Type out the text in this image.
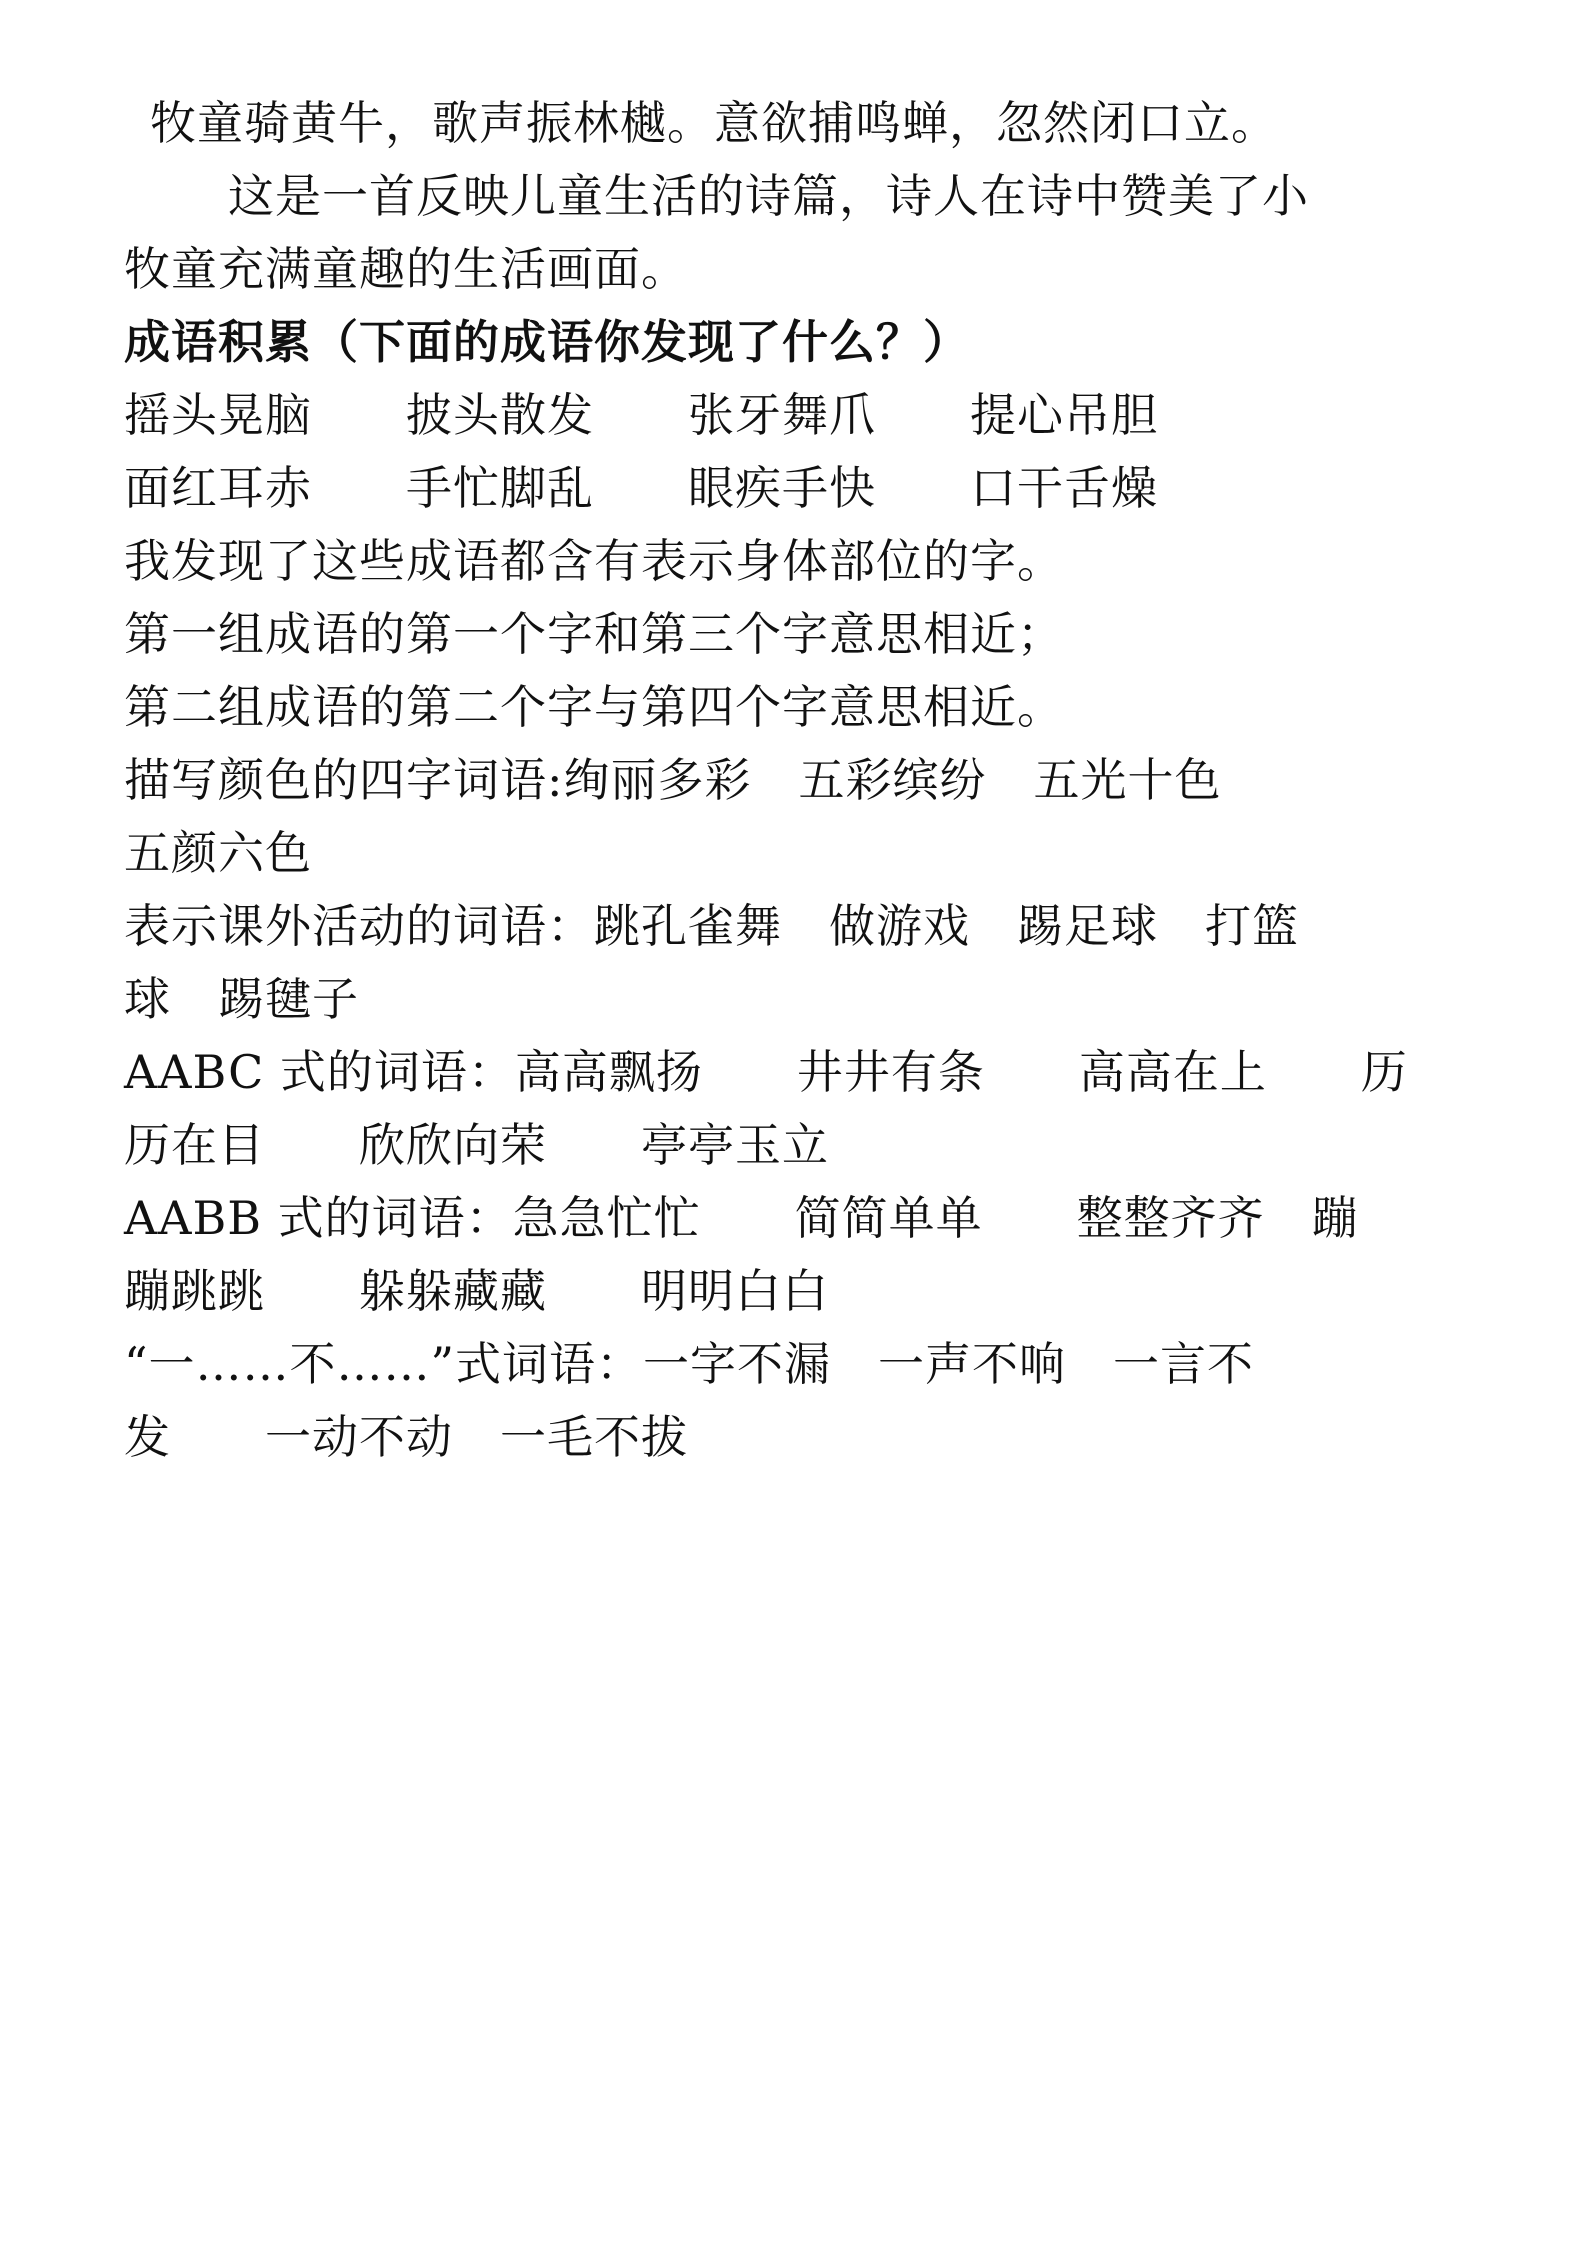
牧童骑黄牛，歌声振林樾。意欲捕鸣蝉，忽然闭口立。
这是一首反映儿童生活的诗篇，诗人在诗中赞美了小
牧童充满童趣的生活画面。
成语积累（下面的成语你发现了什么？）
摇头晃脑　　披头散发　　张牙舞爪　　提心吊胆
面红耳赤　　手忙脚乱　　眼疾手快　　口干舌燥
我发现了这些成语都含有表示身体部位的字。
第一组成语的第一个字和第三个字意思相近；
第二组成语的第二个字与第四个字意思相近。
描写颜色的四字词语:绚丽多彩　五彩缤纷　五光十色
五颜六色
表示课外活动的词语：跳孔雀舞　做游戏　踢足球　打篮
球　踢毽子
AABC 式的词语：高高飘扬　　井井有条　　高高在上　　历
历在目　　欣欣向荣　　亭亭玉立
AABB 式的词语：急急忙忙　　简简单单　　整整齐齐　蹦
蹦跳跳　　躲躲藏藏　　明明白白
“一……不……”式词语：一字不漏　一声不响　一言不
发　　一动不动　一毛不拔
